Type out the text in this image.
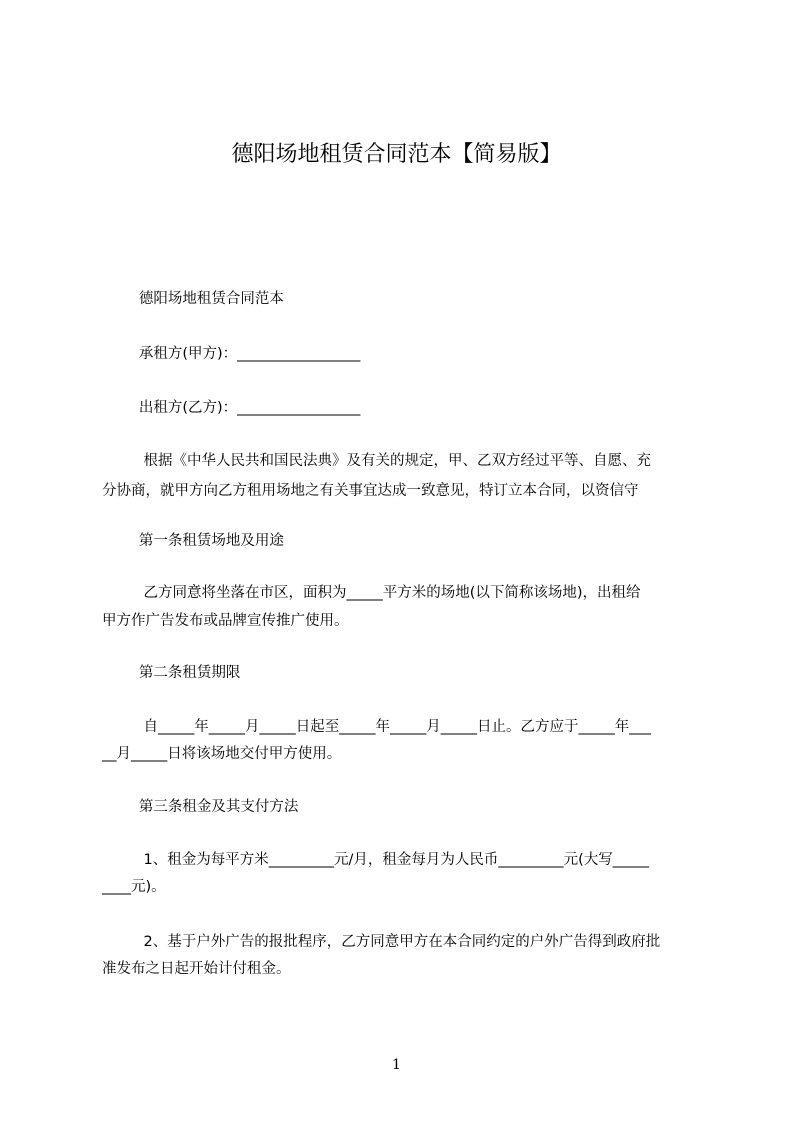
德阳场地租赁合同范本【简易版】
德阳场地租赁合同范本
承租方(甲方)：_________________
出租方(乙方)：_________________
根据《中华人民共和国民法典》及有关的规定，甲、乙双方经过平等、自愿、充
分协商，就甲方向乙方租用场地之有关事宜达成一致意见，特订立本合同，以资信守
第一条租赁场地及用途
乙方同意将坐落在市区，面积为_____平方米的场地(以下简称该场地)，出租给
甲方作广告发布或品牌宣传推广使用。
第二条租赁期限
自_____年_____月_____日起至_____年_____月_____日止。乙方应于_____年___
__月_____日将该场地交付甲方使用。
第三条租金及其支付方法
1、租金为每平方米_________元/月，租金每月为人民币_________元(大写_____
____元)。
2、基于户外广告的报批程序，乙方同意甲方在本合同约定的户外广告得到政府批
准发布之日起开始计付租金。
1
